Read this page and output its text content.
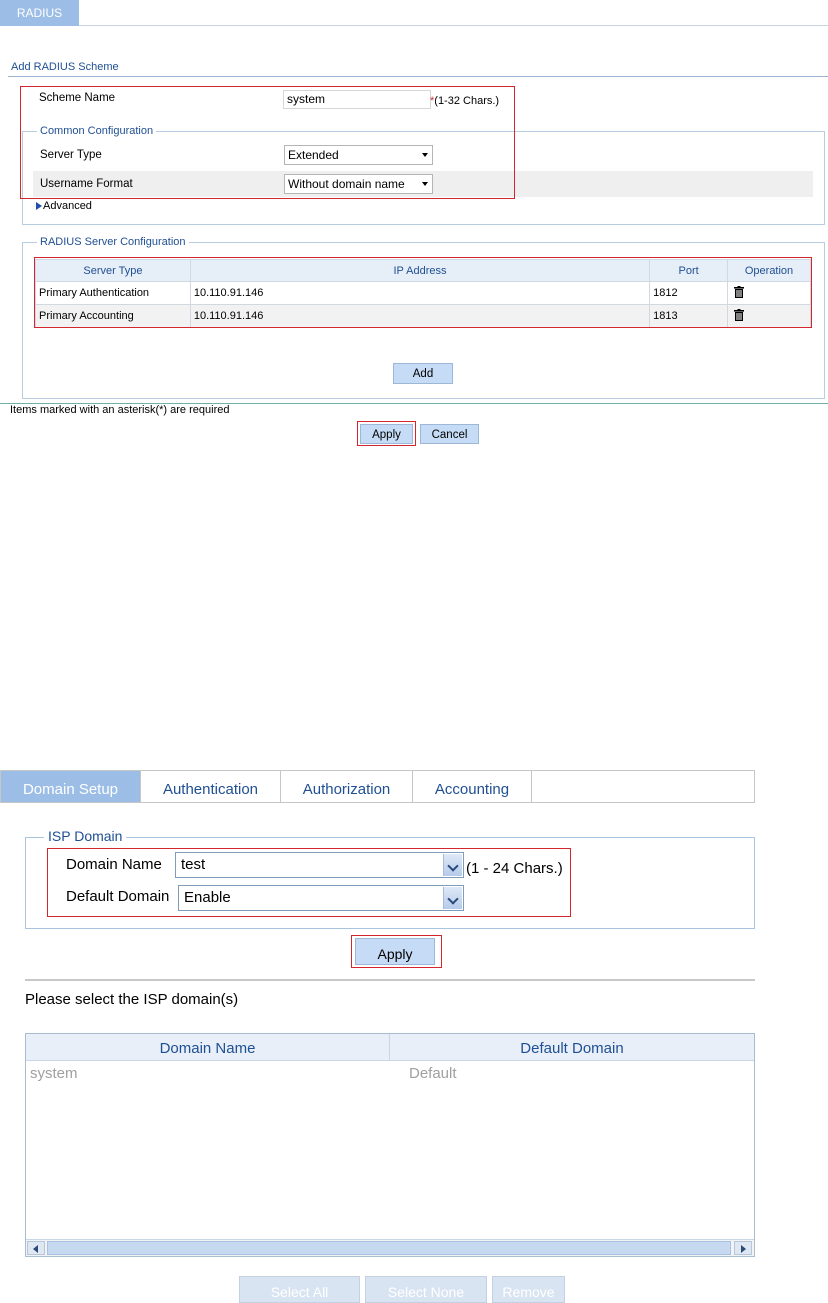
RADIUS
Add RADIUS Scheme
Common Configuration
Scheme Name	system	*(1-32 Chars.)
Server Type	Extended
Username Format	Without domain name
Advanced
RADIUS Server Configuration
Server Type	IP Address	Port	Operation
Primary Authentication	10.110.91.146	1812	
Primary Accounting	10.110.91.146	1813	
Add
Items marked with an asterisk(*) are required
Apply	Cancel
Domain Setup	Authentication	Authorization	Accounting
ISP Domain
Domain Name	test	(1 - 24 Chars.)
Default Domain Enable
Apply
Please select the ISP domain(s)
Domain Name	Default Domain
system	Default
Select All	Select None	Remove
